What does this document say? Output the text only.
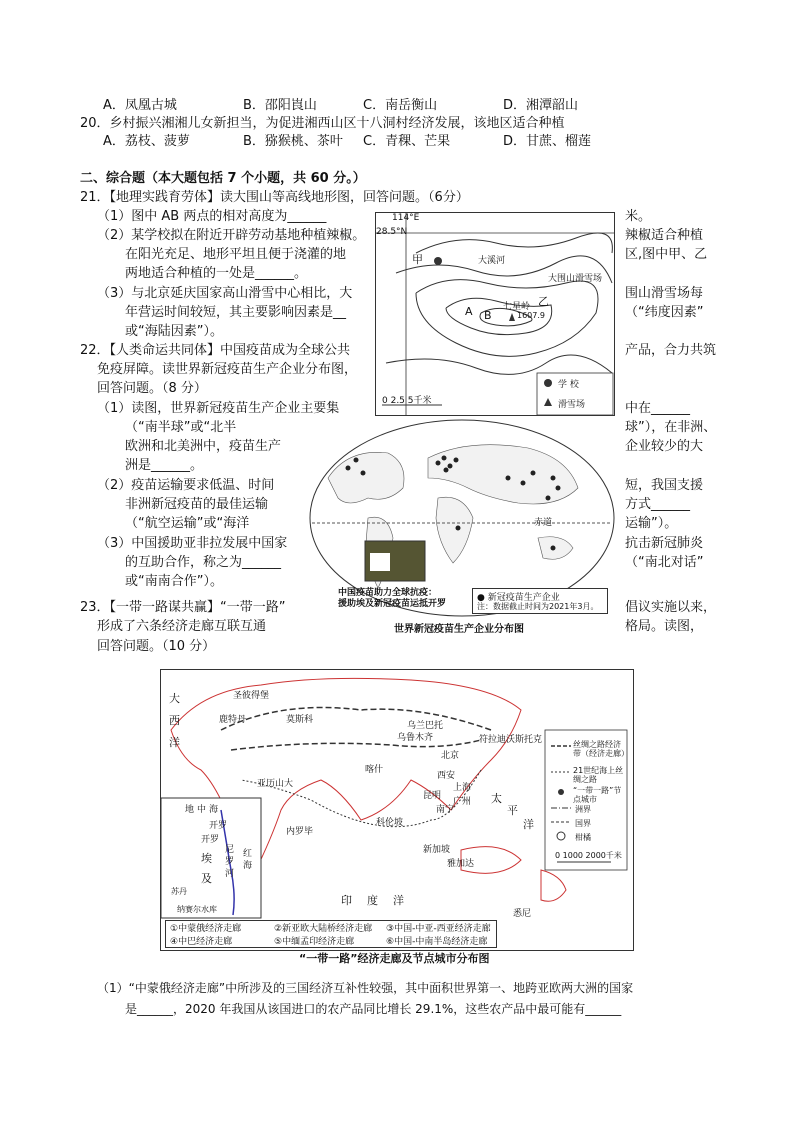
A．凤凰古城	B．邵阳崀山	C．南岳衡山	D．湘潭韶山
20．乡村振兴湘湘儿女新担当，为促进湘西山区十八洞村经济发展，该地区适合种植
A．荔枝、菠萝	B．猕猴桃、茶叶 C．青稞、芒果	D．甘蔗、榴莲
二、综合题（本大题包括 7 个小题，共 60 分。）
21．【地理实践育劳体】读大围山等高线地形图，回答问题。（6分）
（1）图中 AB 两点的相对高度为______
（2）某学校拟在附近开辟劳动基地种植辣椒。
在阳光充足、地形平坦且便于浇灌的地
两地适合种植的一处是______。
（3）与北京延庆国家高山滑雪中心相比，大
年营运时间较短，其主要影响因素是__
或“海陆因素”）。
米。
辣椒适合种植
区,图中甲、乙
围山滑雪场每
（“纬度因素”
114°E
28.5°N
甲	大溪河
大围山滑雪场
乙
七星岭
1607.9
A B
0 2.5 5千米
学 校
滑雪场
22．【人类命运共同体】中国疫苗成为全球公共	产品，合力共筑
免疫屏障。读世界新冠疫苗生产企业分布图，
回答问题。（8 分）
（1）读图，世界新冠疫苗生产企业主要集
（“南半球”或“北半
欧洲和北美洲中，疫苗生产
洲是______。
（2）疫苗运输要求低温、时间
非洲新冠疫苗的最佳运输
（“航空运输”或“海洋
（3）中国援助亚非拉发展中国家
的互助合作，称之为______
或“南南合作”）。
中在______
球”），在非洲、
企业较少的大
短，我国支援
方式______
运输”）。
抗击新冠肺炎
（“南北对话”
赤道
中国疫苗助力全球抗疫：
援助埃及新冠疫苗运抵开罗
● 新冠疫苗生产企业
注：数据截止时间为2021年3月。
世界新冠疫苗生产企业分布图
23．【一带一路谋共赢】“一带一路”	倡议实施以来，
形成了六条经济走廊互联互通	格局。读图，
回答问题。（10 分）
圣彼得堡
莫斯科
鹿特丹
乌兰巴托
乌鲁木齐	符拉迪沃斯托克
北京
喀什
西安
上海
昆明
广州
南宁
新加坡
雅加达
开罗
内罗毕
科伦坡
亚历山大
悉尼
大
西
洋
太
平
洋
印 度 洋
地 中 海
开罗
埃
及
红
海
尼
罗
河
苏丹
纳赛尔水库
丝绸之路经济带（经济走廊）
21世纪海上丝绸之路
“一带一路”节点城市
洲界
国界
柑橘
0 1000 2000千米
①中蒙俄经济走廊	②新亚欧大陆桥经济走廊 ③中国-中亚-西亚经济走廊
④中巴经济走廊	⑤中缅孟印经济走廊	⑥中国-中南半岛经济走廊
“一带一路”经济走廊及节点城市分布图
（1）“中蒙俄经济走廊”中所涉及的三国经济互补性较强，其中面积世界第一、地跨亚欧两大洲的国家
是______，2020 年我国从该国进口的农产品同比增长 29.1%，这些农产品中最可能有______
